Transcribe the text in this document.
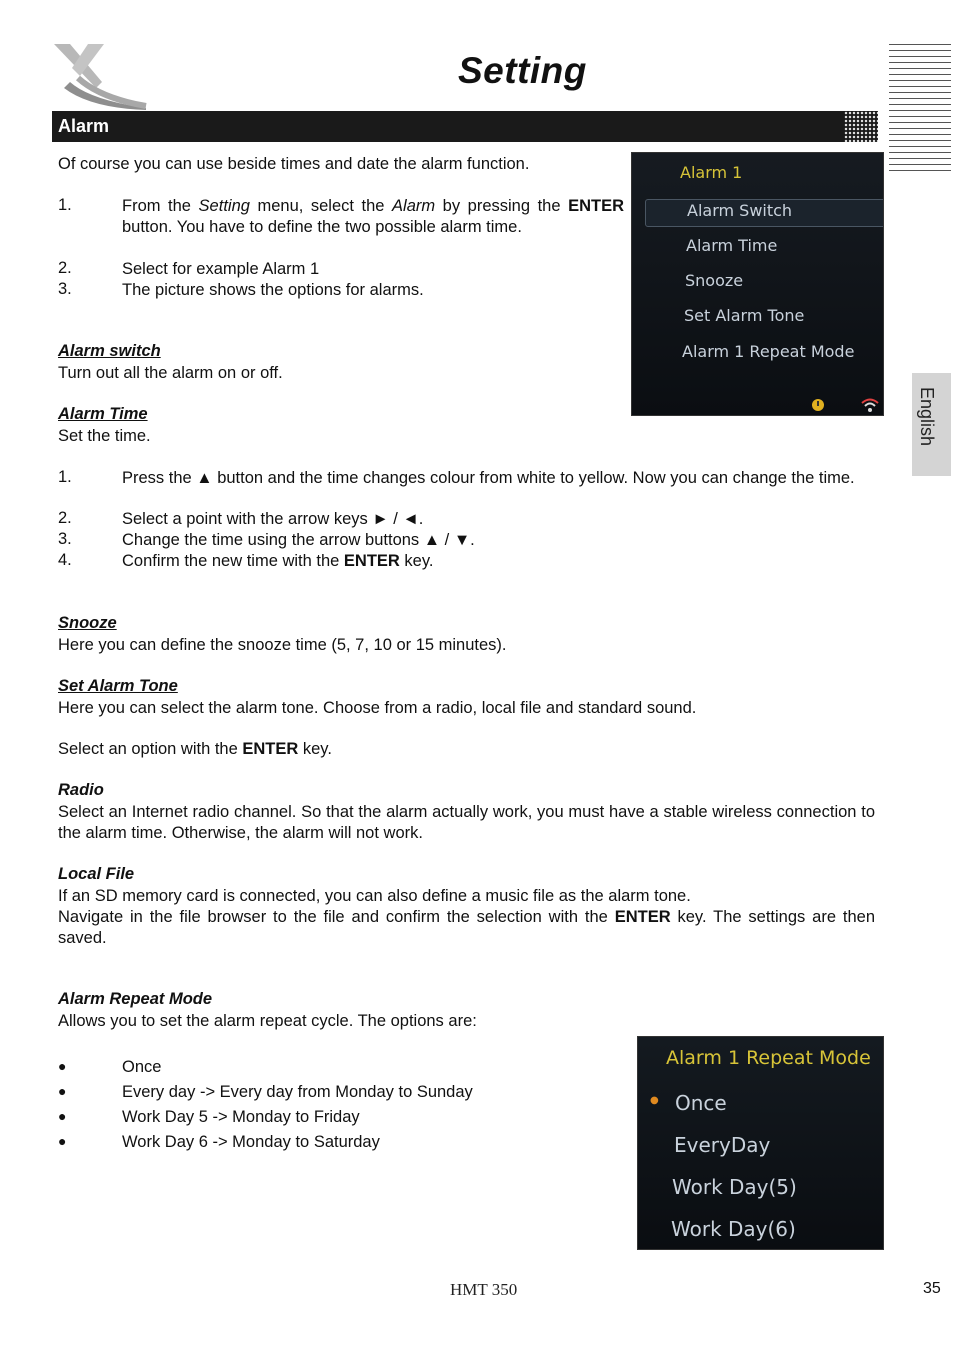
Setting
Alarm
English
Of course you can use beside times and date the alarm function.
1.	From the Setting menu, select the Alarm by pressing the ENTER button. You have to define the two possible alarm time.
2.	Select for example Alarm 1
3.	The picture shows the options for alarms.
Alarm switch
Turn out all the alarm on or off.
Alarm Time
Set the time.
1.	Press the ▲ button and the time changes colour from white to yellow. Now you can change the time.
2.	Select a point with the arrow keys ► / ◄.
3.	Change the time using the arrow buttons ▲ / ▼.
4.	Confirm the new time with the ENTER key.
Snooze
Here you can define the snooze time (5, 7, 10 or 15 minutes).
Set Alarm Tone
Here you can select the alarm tone. Choose from a radio, local file and standard sound.
Select an option with the ENTER key.
Radio
Select an Internet radio channel. So that the alarm actually work, you must have a stable wireless connection to the alarm time. Otherwise, the alarm will not work.
Local File
If an SD memory card is connected, you can also define a music file as the alarm tone.
Navigate in the file browser to the file and confirm the selection with the ENTER key. The settings are then saved.
Alarm Repeat Mode
Allows you to set the alarm repeat cycle. The options are:
●	Once
●	Every day -> Every day from Monday to Sunday
●	Work Day 5 -> Monday to Friday
●	Work Day 6 -> Monday to Saturday
Alarm 1
Alarm Switch
Alarm Time
Snooze
Set Alarm Tone
Alarm 1 Repeat Mode
Alarm 1 Repeat Mode
● Once
EveryDay
Work Day(5)
Work Day(6)
HMT 350	35
